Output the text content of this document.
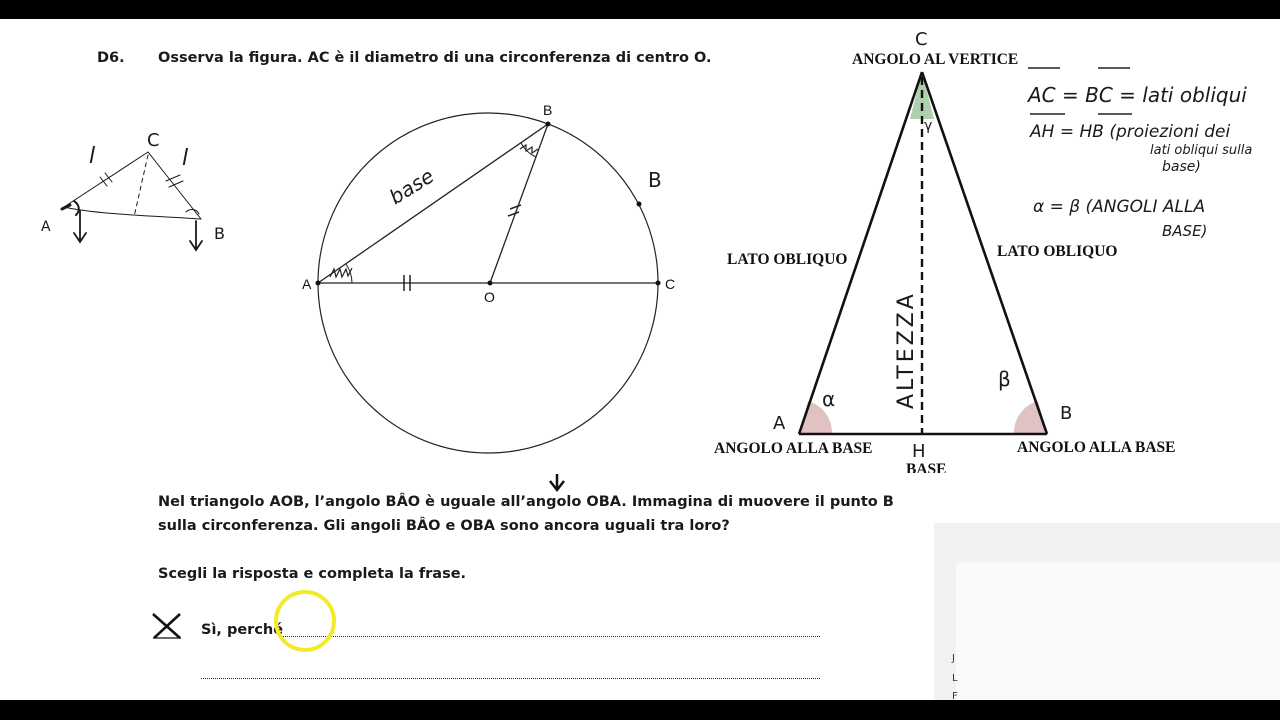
D6. Osserva la figura. AC è il diametro di una circonferenza di centro O.
A	B
C
l	l
A
B
C
O
base	B
C
A	B
H
α
β
γ
ALTEZZA
AC = BC = lati obliqui
AH = HB (proiezioni dei
lati obliqui sulla
base)
α = β (ANGOLI ALLA
BASE)
ANGOLO AL VERTICE
LATO OBLIQUO	LATO OBLIQUO
ANGOLO ALLA BASE	ANGOLO ALLA BASE
BASE
Nel triangolo AOB, l’angolo BÂO è uguale all’angolo OBA. Immagina di muovere il punto B
sulla circonferenza. Gli angoli BÂO e OBA sono ancora uguali tra loro?
Scegli la risposta e completa la frase.
Sì, perché
J
L
F
